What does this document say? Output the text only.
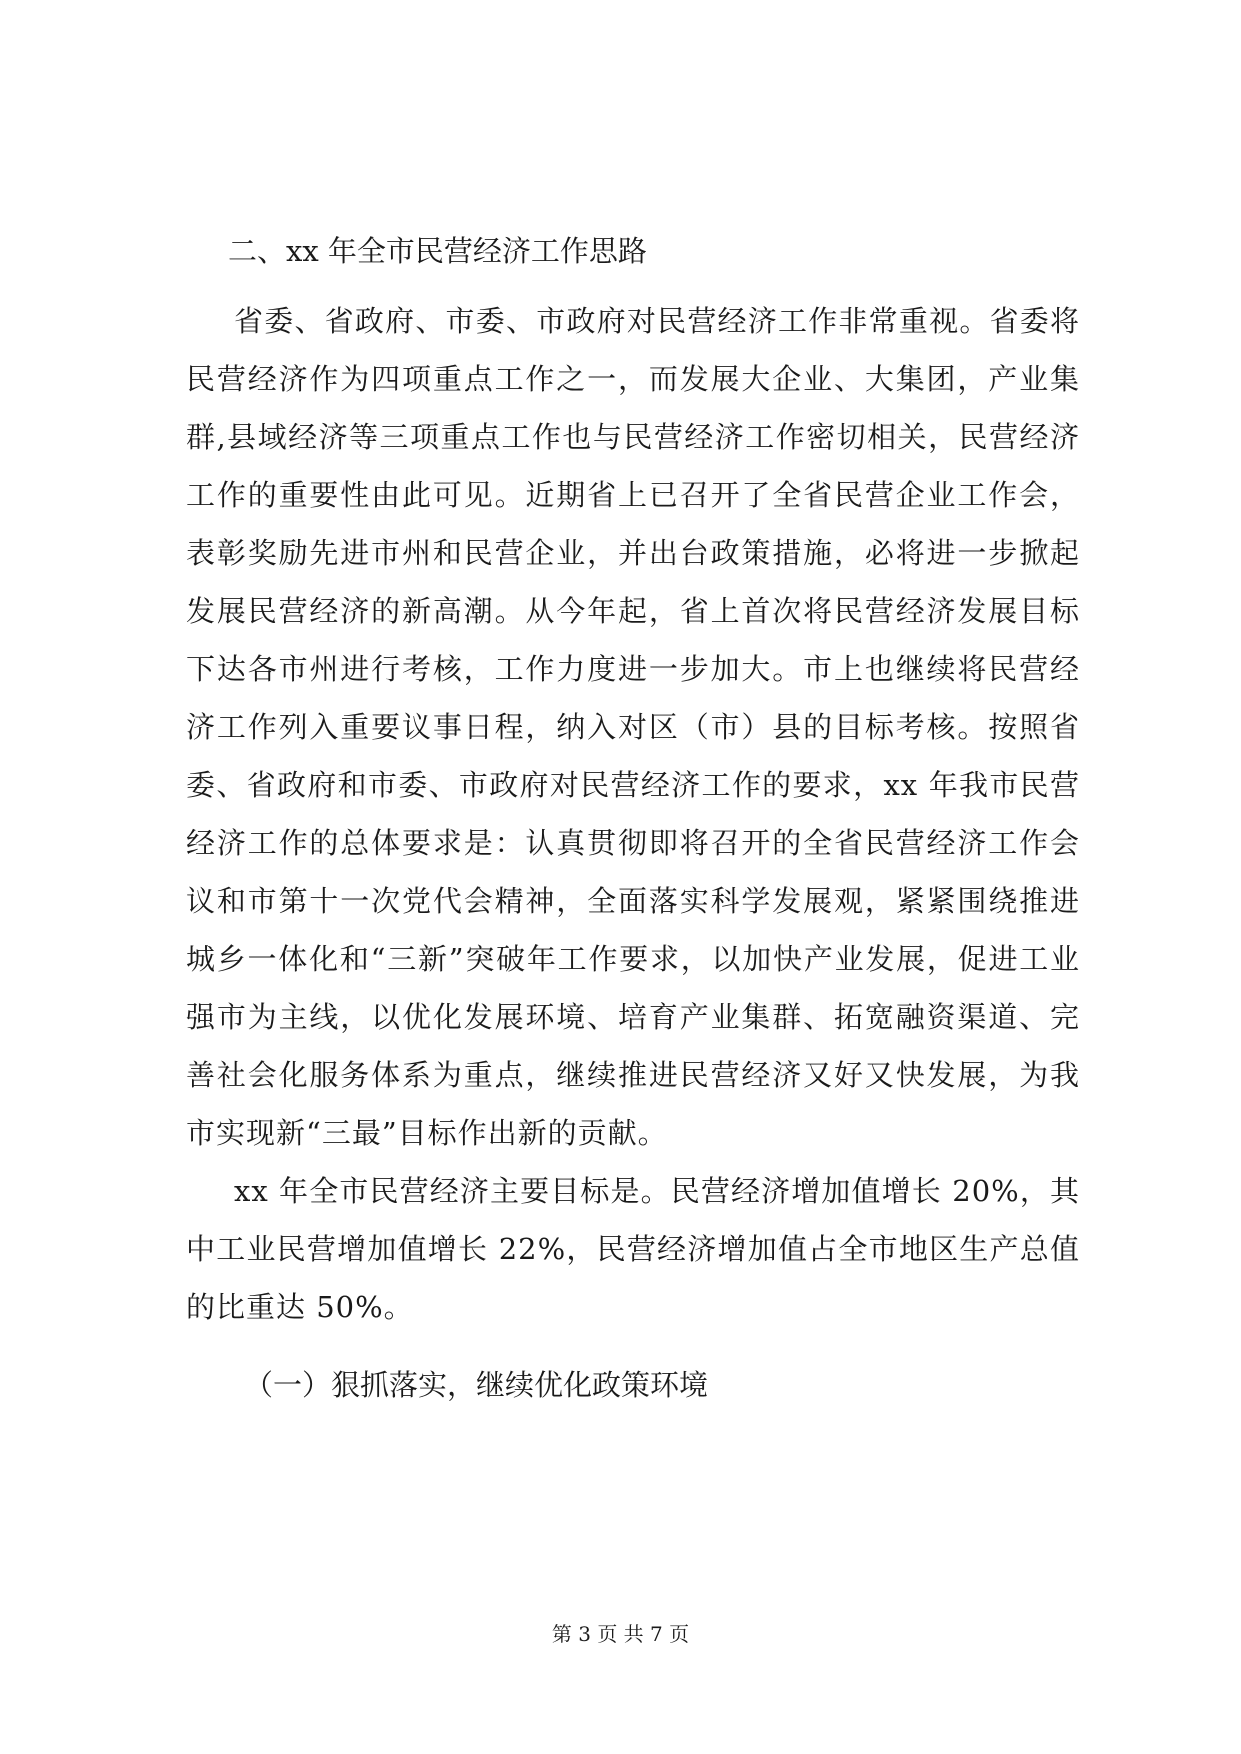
二、xx 年全市民营经济工作思路

省委、省政府、市委、市政府对民营经济工作非常重视。省委将民营经济作为四项重点工作之一，而发展大企业、大集团，产业集群,县域经济等三项重点工作也与民营经济工作密切相关，民营经济工作的重要性由此可见。近期省上已召开了全省民营企业工作会，表彰奖励先进市州和民营企业，并出台政策措施，必将进一步掀起发展民营经济的新高潮。从今年起，省上首次将民营经济发展目标下达各市州进行考核，工作力度进一步加大。市上也继续将民营经济工作列入重要议事日程，纳入对区（市）县的目标考核。按照省委、省政府和市委、市政府对民营经济工作的要求，xx 年我市民营经济工作的总体要求是：认真贯彻即将召开的全省民营经济工作会议和市第十一次党代会精神，全面落实科学发展观，紧紧围绕推进城乡一体化和“三新”突破年工作要求，以加快产业发展，促进工业强市为主线，以优化发展环境、培育产业集群、拓宽融资渠道、完善社会化服务体系为重点，继续推进民营经济又好又快发展，为我市实现新“三最”目标作出新的贡献。

xx 年全市民营经济主要目标是。民营经济增加值增长 20%，其中工业民营增加值增长 22%，民营经济增加值占全市地区生产总值的比重达 50%。

（一）狠抓落实，继续优化政策环境

第 3 页 共 7 页
